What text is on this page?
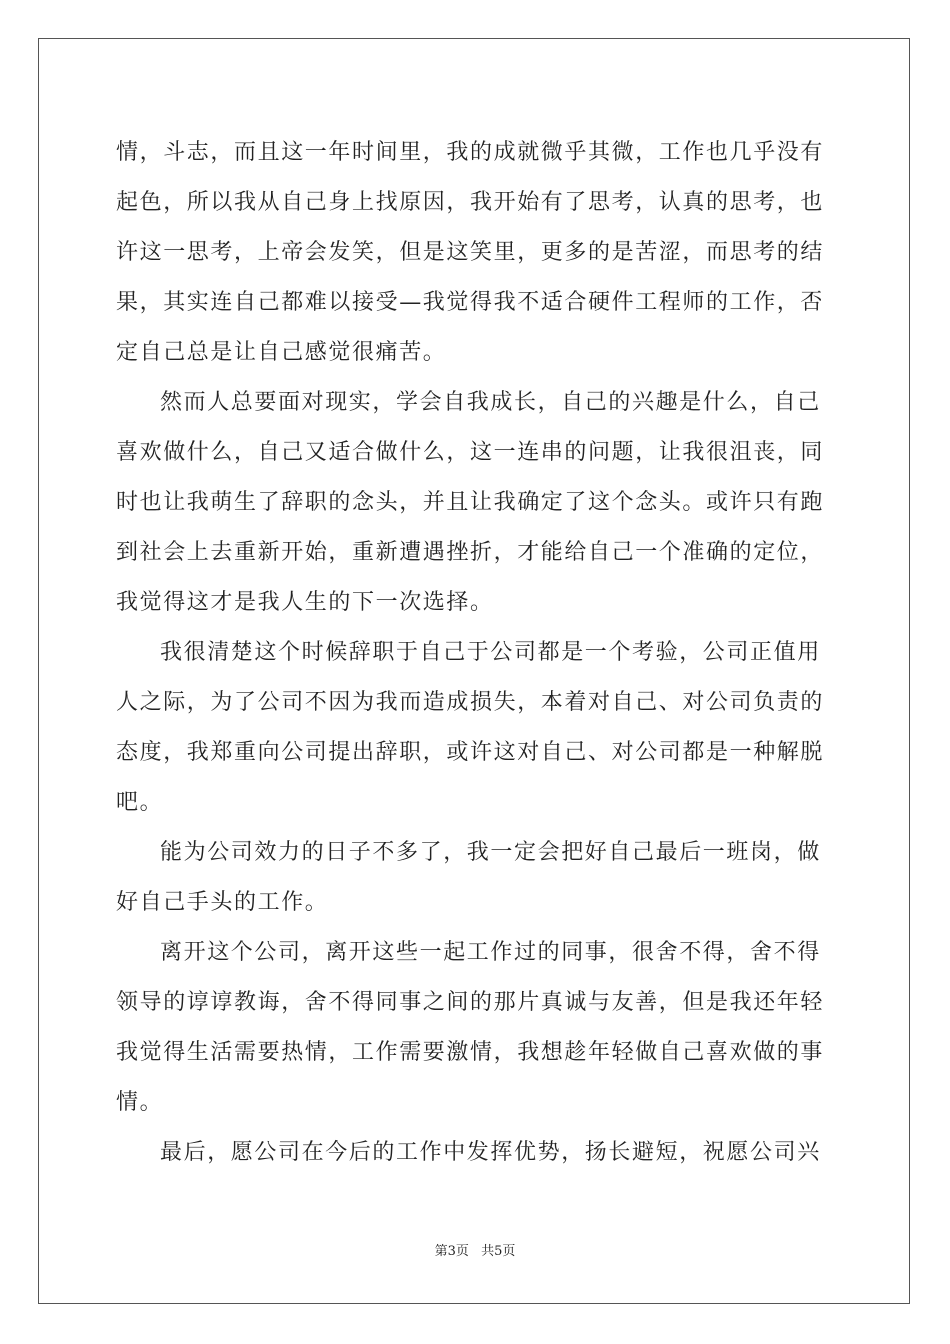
情，斗志，而且这一年时间里，我的成就微乎其微，工作也几乎没有
起色，所以我从自己身上找原因，我开始有了思考，认真的思考，也
许这一思考，上帝会发笑，但是这笑里，更多的是苦涩，而思考的结
果，其实连自己都难以接受—我觉得我不适合硬件工程师的工作，否
定自己总是让自己感觉很痛苦。
然而人总要面对现实，学会自我成长，自己的兴趣是什么，自己
喜欢做什么，自己又适合做什么，这一连串的问题，让我很沮丧，同
时也让我萌生了辞职的念头，并且让我确定了这个念头。或许只有跑
到社会上去重新开始，重新遭遇挫折，才能给自己一个准确的定位，
我觉得这才是我人生的下一次选择。
我很清楚这个时候辞职于自己于公司都是一个考验，公司正值用
人之际，为了公司不因为我而造成损失，本着对自己、对公司负责的
态度，我郑重向公司提出辞职，或许这对自己、对公司都是一种解脱
吧。
能为公司效力的日子不多了，我一定会把好自己最后一班岗，做
好自己手头的工作。
离开这个公司，离开这些一起工作过的同事，很舍不得，舍不得
领导的谆谆教诲，舍不得同事之间的那片真诚与友善，但是我还年轻
我觉得生活需要热情，工作需要激情，我想趁年轻做自己喜欢做的事
情。
最后，愿公司在今后的工作中发挥优势，扬长避短，祝愿公司兴

第3页 共5页
